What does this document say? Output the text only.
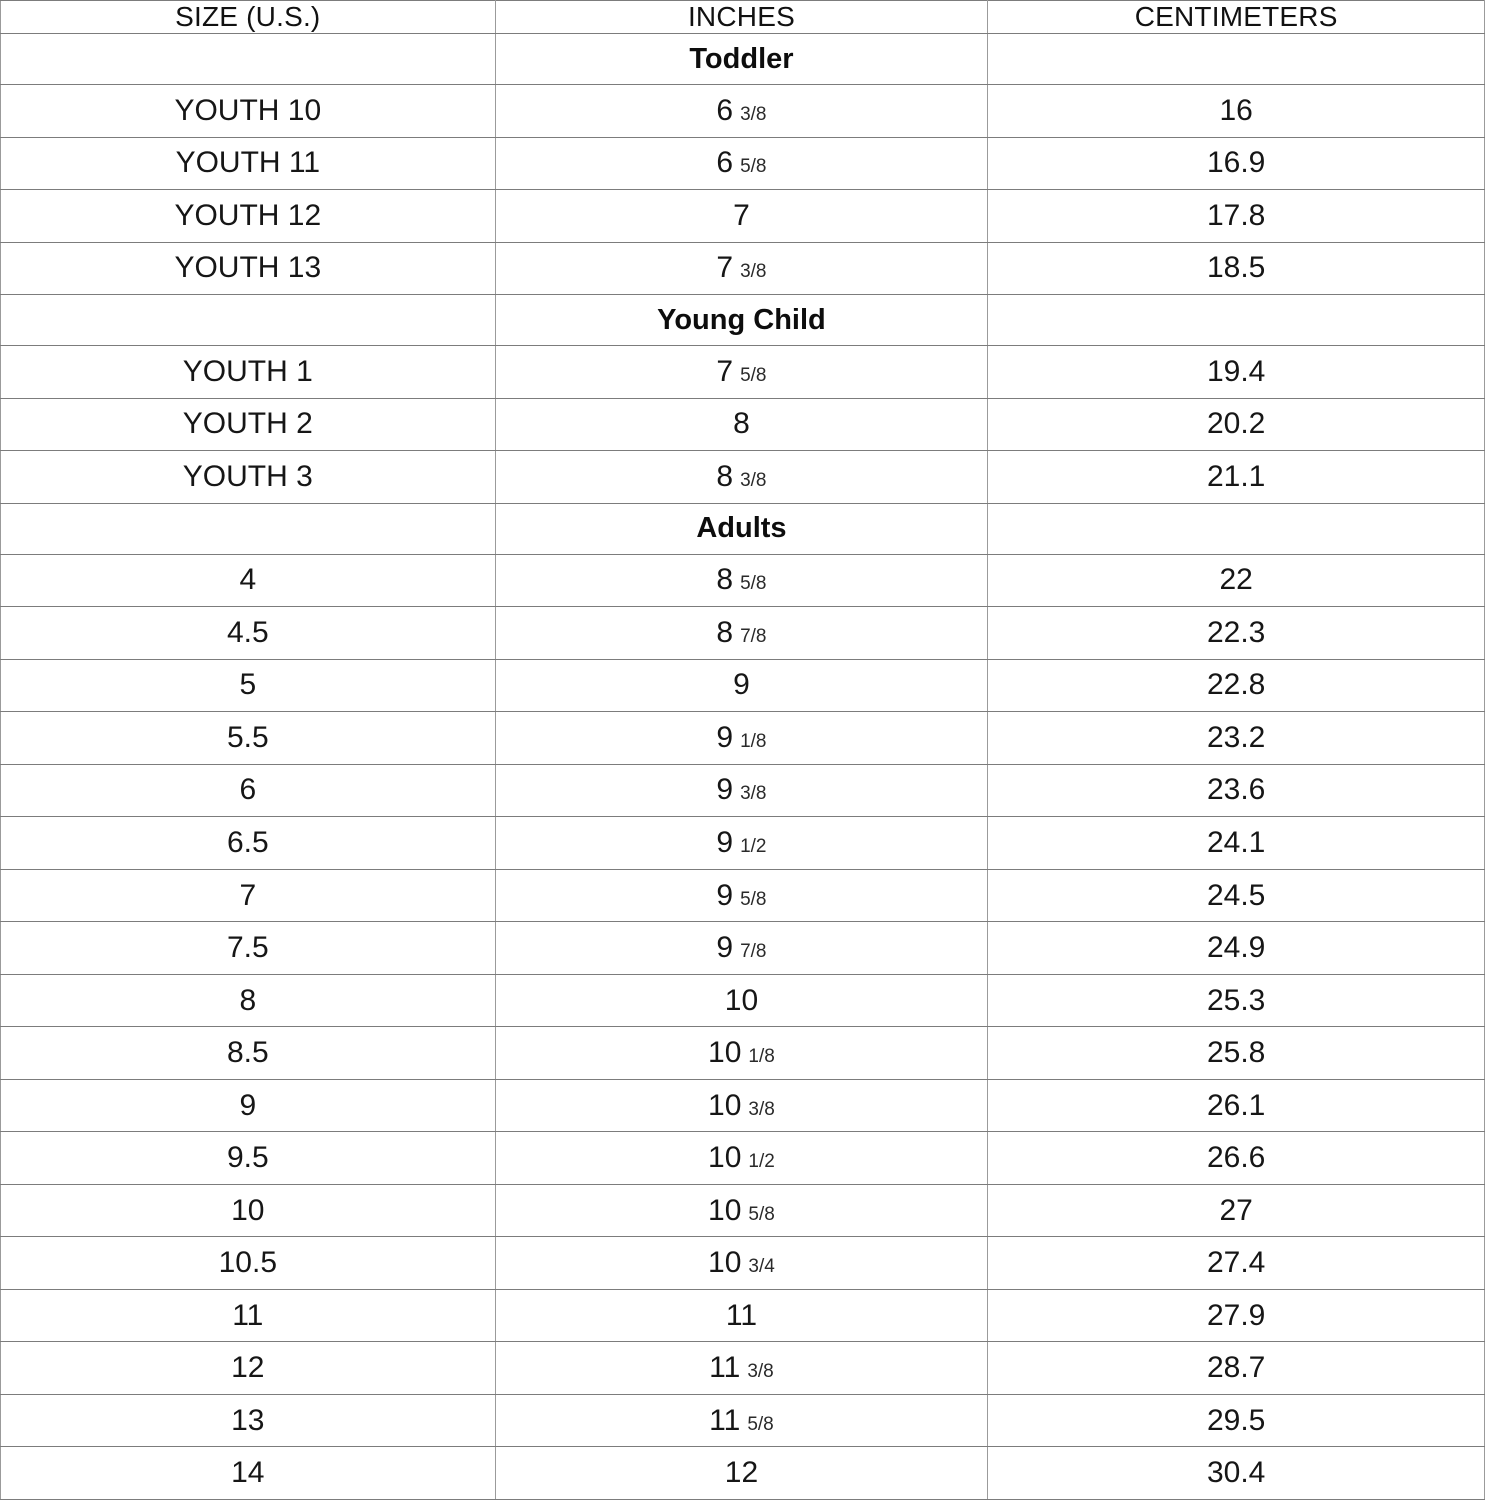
SIZE (U.S.)	INCHES	CENTIMETERS
	Toddler	
YOUTH 10	6 3/8	16
YOUTH 11	6 5/8	16.9
YOUTH 12	7	17.8
YOUTH 13	7 3/8	18.5
	Young Child	
YOUTH 1	7 5/8	19.4
YOUTH 2	8	20.2
YOUTH 3	8 3/8	21.1
	Adults	
4	8 5/8	22
4.5	8 7/8	22.3
5	9	22.8
5.5	9 1/8	23.2
6	9 3/8	23.6
6.5	9 1/2	24.1
7	9 5/8	24.5
7.5	9 7/8	24.9
8	10	25.3
8.5	10 1/8	25.8
9	10 3/8	26.1
9.5	10 1/2	26.6
10	10 5/8	27
10.5	10 3/4	27.4
11	11	27.9
12	11 3/8	28.7
13	11 5/8	29.5
14	12	30.4
